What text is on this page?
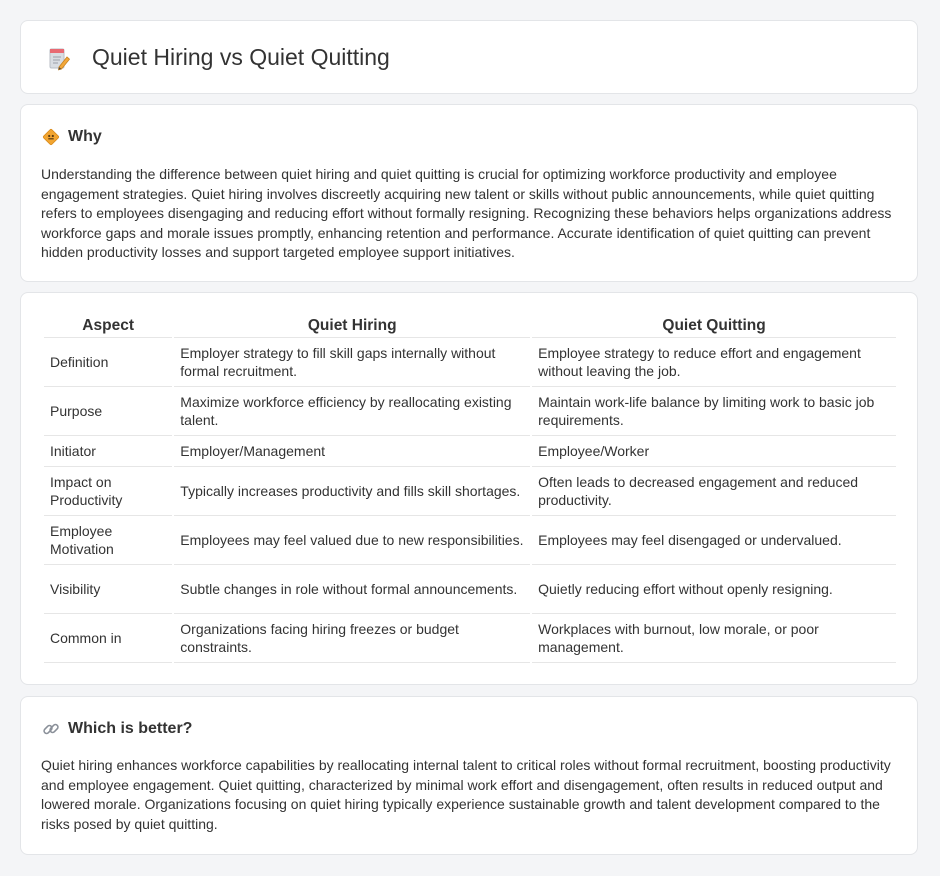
Quiet Hiring vs Quiet Quitting
Why

Understanding the difference between quiet hiring and quiet quitting is crucial for optimizing workforce productivity and employee engagement strategies. Quiet hiring involves discreetly acquiring new talent or skills without public announcements, while quiet quitting refers to employees disengaging and reducing effort without formally resigning. Recognizing these behaviors helps organizations address workforce gaps and morale issues promptly, enhancing retention and performance. Accurate identification of quiet quitting can prevent hidden productivity losses and support targeted employee support initiatives.

Aspect	Quiet Hiring	Quiet Quitting
Definition	Employer strategy to fill skill gaps internally without formal recruitment.	Employee strategy to reduce effort and engagement without leaving the job.
Purpose	Maximize workforce efficiency by reallocating existing talent.	Maintain work-life balance by limiting work to basic job requirements.
Initiator	Employer/Management	Employee/Worker
Impact on Productivity	Typically increases productivity and fills skill shortages.	Often leads to decreased engagement and reduced productivity.
Employee Motivation	Employees may feel valued due to new responsibilities.	Employees may feel disengaged or undervalued.
Visibility	Subtle changes in role without formal announcements.	Quietly reducing effort without openly resigning.
Common in	Organizations facing hiring freezes or budget constraints.	Workplaces with burnout, low morale, or poor management.
Which is better?

Quiet hiring enhances workforce capabilities by reallocating internal talent to critical roles without formal recruitment, boosting productivity and employee engagement. Quiet quitting, characterized by minimal work effort and disengagement, often results in reduced output and lowered morale. Organizations focusing on quiet hiring typically experience sustainable growth and talent development compared to the risks posed by quiet quitting.
